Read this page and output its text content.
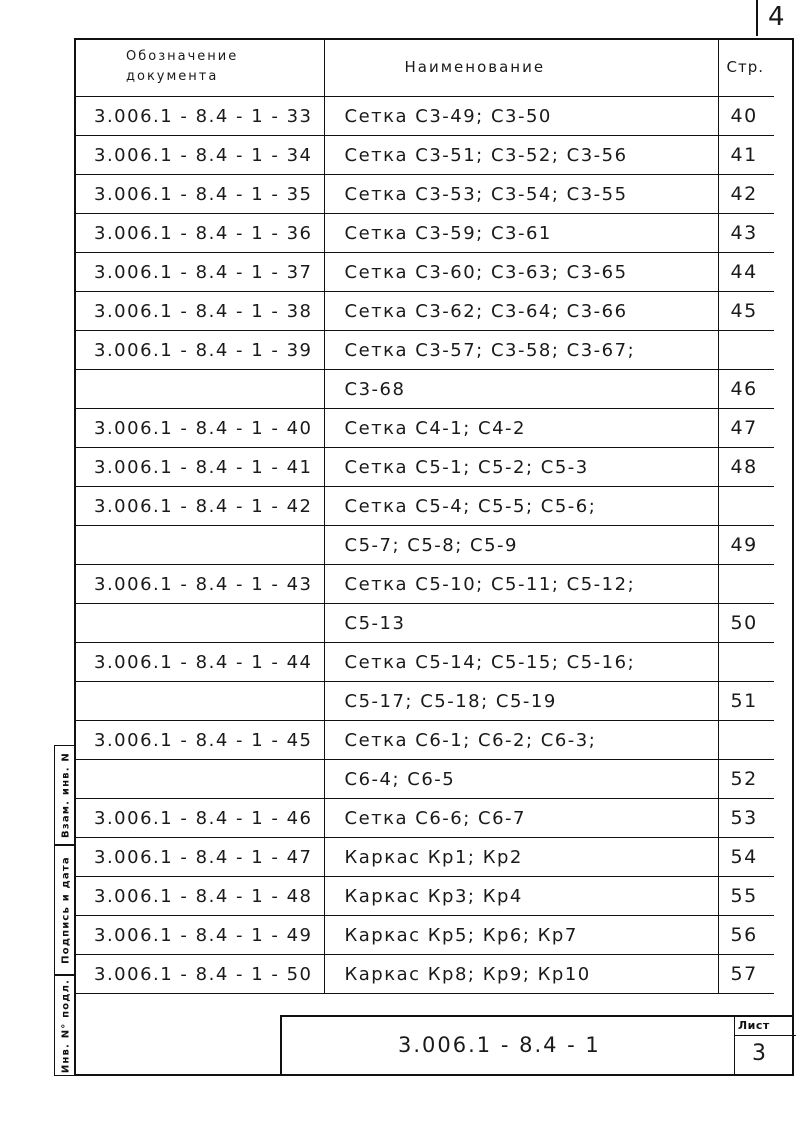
4
Обозначение
документа	Наименование	Стр.
3.006.1 - 8.4 - 1 - 33	Сетка С3-49; С3-50	40
3.006.1 - 8.4 - 1 - 34	Сетка С3-51; С3-52; С3-56	41
3.006.1 - 8.4 - 1 - 35	Сетка С3-53; С3-54; С3-55	42
3.006.1 - 8.4 - 1 - 36	Сетка С3-59; С3-61	43
3.006.1 - 8.4 - 1 - 37	Сетка С3-60; С3-63; С3-65	44
3.006.1 - 8.4 - 1 - 38	Сетка С3-62; С3-64; С3-66	45
3.006.1 - 8.4 - 1 - 39	Сетка С3-57; С3-58; С3-67;	
	С3-68	46
3.006.1 - 8.4 - 1 - 40	Сетка С4-1; С4-2	47
3.006.1 - 8.4 - 1 - 41	Сетка С5-1; С5-2; С5-3	48
3.006.1 - 8.4 - 1 - 42	Сетка С5-4; С5-5; С5-6;	
	С5-7; С5-8; С5-9	49
3.006.1 - 8.4 - 1 - 43	Сетка С5-10; С5-11; С5-12;	
	С5-13	50
3.006.1 - 8.4 - 1 - 44	Сетка С5-14; С5-15; С5-16;	
	С5-17; С5-18; С5-19	51
3.006.1 - 8.4 - 1 - 45	Сетка С6-1; С6-2; С6-3;	
	С6-4; С6-5	52
3.006.1 - 8.4 - 1 - 46	Сетка С6-6; С6-7	53
3.006.1 - 8.4 - 1 - 47	Каркас Кр1; Кр2	54
3.006.1 - 8.4 - 1 - 48	Каркас Кр3; Кр4	55
3.006.1 - 8.4 - 1 - 49	Каркас Кр5; Кр6; Кр7	56
3.006.1 - 8.4 - 1 - 50	Каркас Кр8; Кр9; Кр10	57
Взам. инв. N
Подпись и дата
Инв. N° подл.	3.006.1 - 8.4 - 1
Лист
3
